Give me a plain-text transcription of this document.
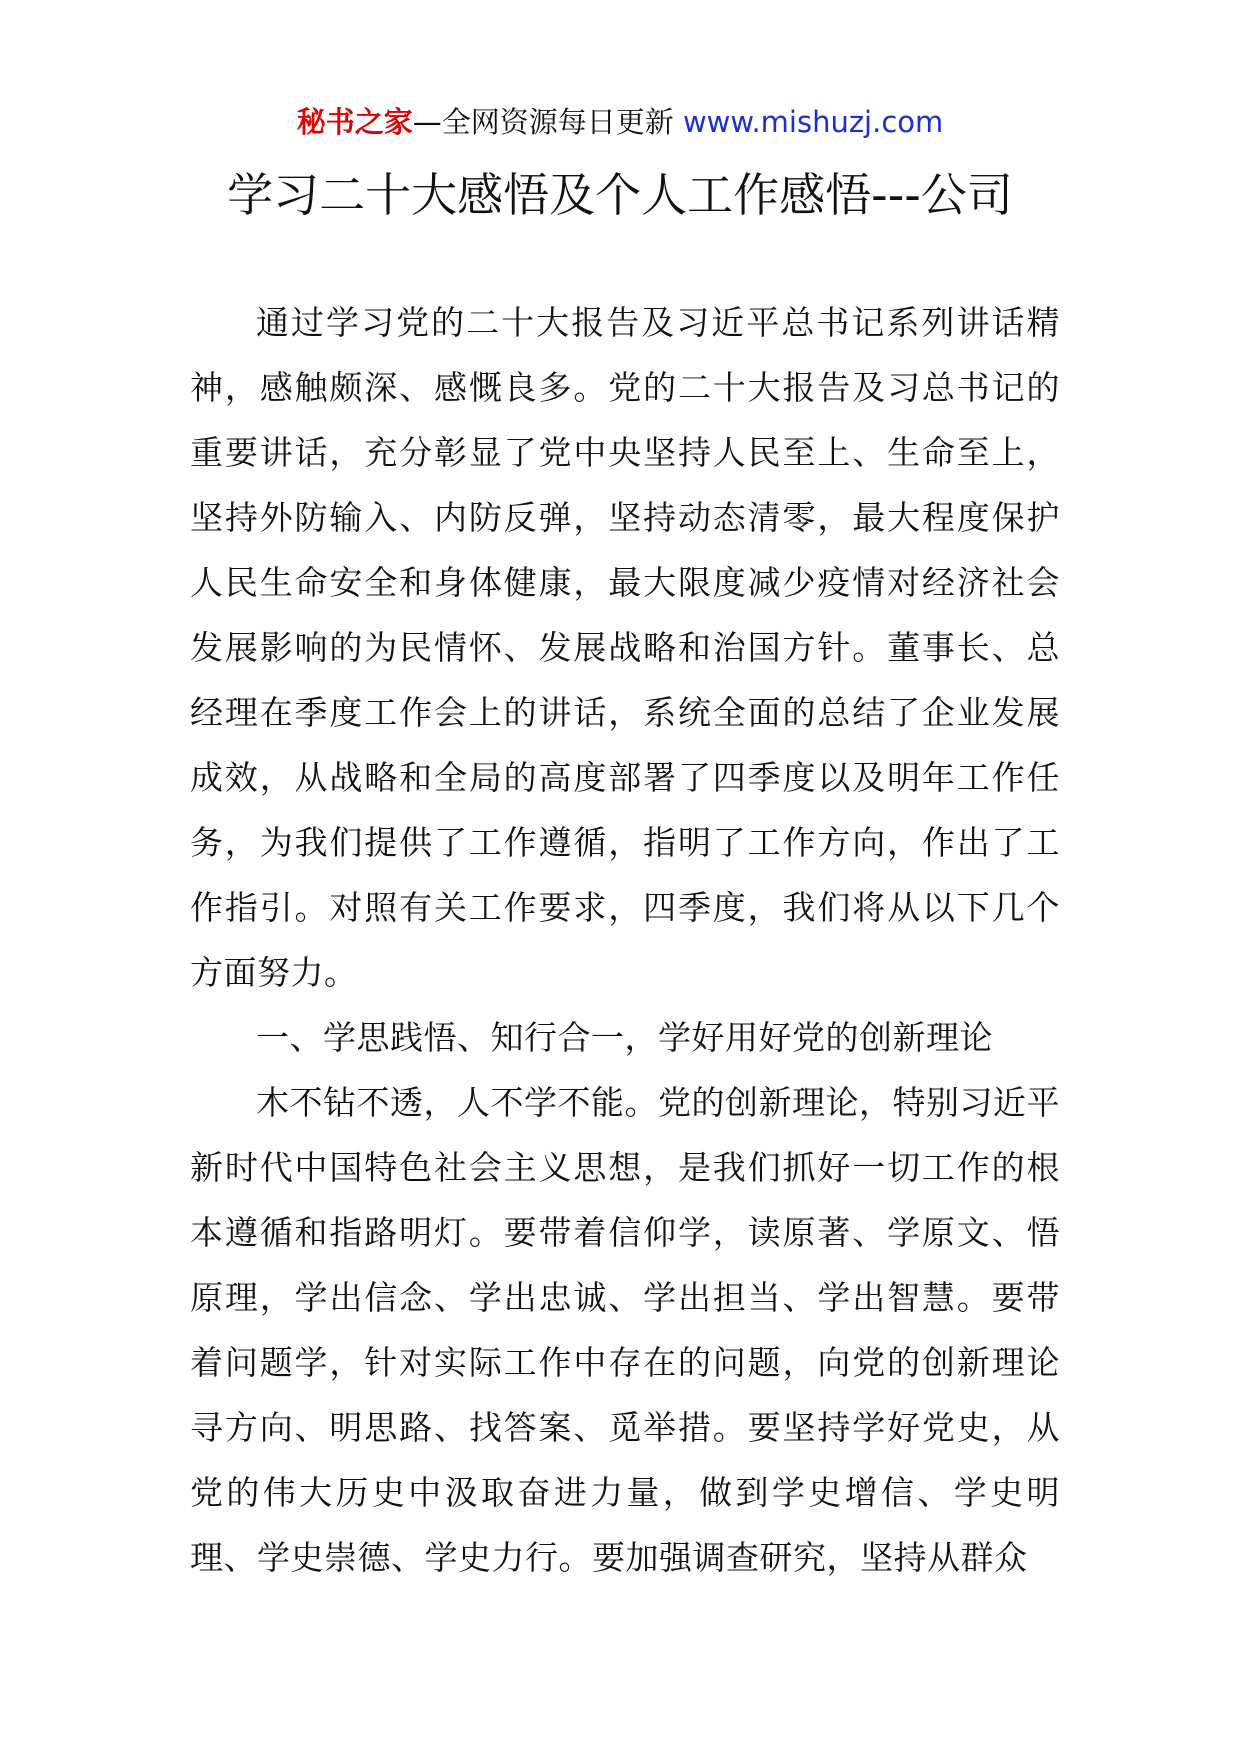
秘书之家—全网资源每日更新 www.mishuzj.com
学习二十大感悟及个人工作感悟---公司

通过学习党的二十大报告及习近平总书记系列讲话精神，感触颇深、感慨良多。党的二十大报告及习总书记的重要讲话，充分彰显了党中央坚持人民至上、生命至上，坚持外防输入、内防反弹，坚持动态清零，最大程度保护人民生命安全和身体健康，最大限度减少疫情对经济社会发展影响的为民情怀、发展战略和治国方针。董事长、总经理在季度工作会上的讲话，系统全面的总结了企业发展成效，从战略和全局的高度部署了四季度以及明年工作任务，为我们提供了工作遵循，指明了工作方向，作出了工作指引。对照有关工作要求，四季度，我们将从以下几个方面努力。

一、学思践悟、知行合一，学好用好党的创新理论

木不钻不透，人不学不能。党的创新理论，特别习近平新时代中国特色社会主义思想，是我们抓好一切工作的根本遵循和指路明灯。要带着信仰学，读原著、学原文、悟原理，学出信念、学出忠诚、学出担当、学出智慧。要带着问题学，针对实际工作中存在的问题，向党的创新理论寻方向、明思路、找答案、觅举措。要坚持学好党史，从党的伟大历史中汲取奋进力量，做到学史增信、学史明理、学史崇德、学史力行。要加强调查研究，坚持从群众
